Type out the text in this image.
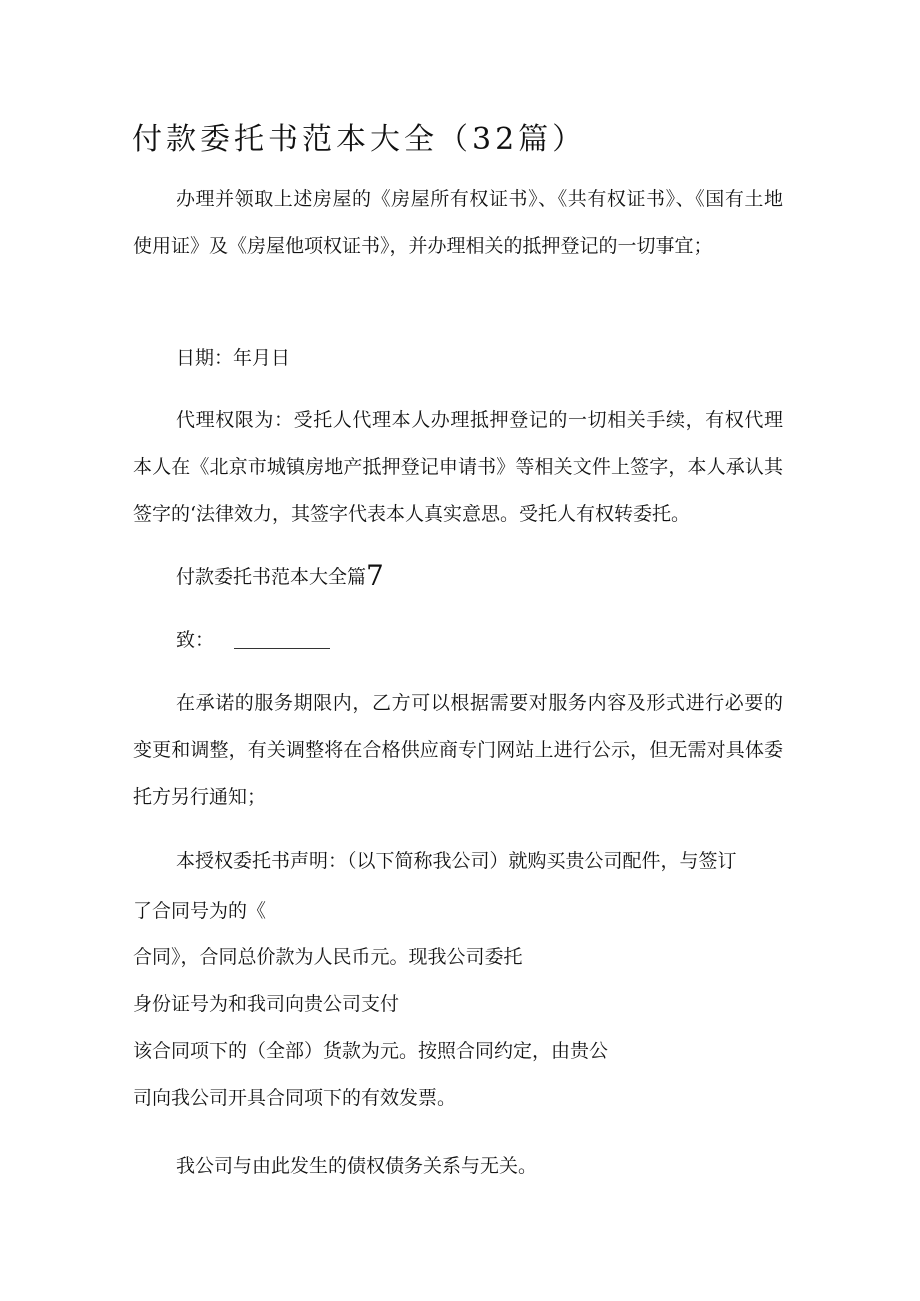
付款委托书范本大全（32篇）

办理并领取上述房屋的《房屋所有权证书》、《共有权证书》、《国有土地使用证》及《房屋他项权证书》，并办理相关的抵押登记的一切事宜；

日期：年月日

代理权限为：受托人代理本人办理抵押登记的一切相关手续，有权代理本人在《北京市城镇房地产抵押登记申请书》等相关文件上签字，本人承认其签字的‘法律效力，其签字代表本人真实意思。受托人有权转委托。

付款委托书范本大全篇7
致：

在承诺的服务期限内，乙方可以根据需要对服务内容及形式进行必要的变更和调整，有关调整将在合格供应商专门网站上进行公示，但无需对具体委托方另行通知；

本授权委托书声明：（以下简称我公司）就购买贵公司配件，与签订
了合同号为的《
合同》，合同总价款为人民币元。现我公司委托
身份证号为和我司向贵公司支付
该合同项下的（全部）货款为元。按照合同约定，由贵公
司向我公司开具合同项下的有效发票。
我公司与由此发生的债权债务关系与无关。
